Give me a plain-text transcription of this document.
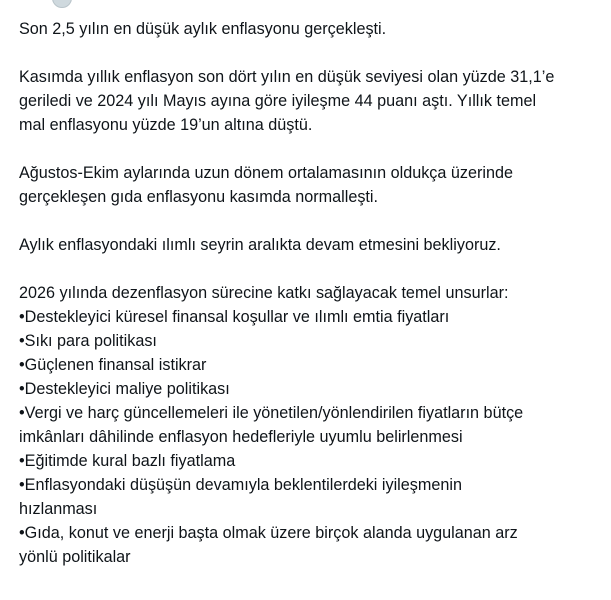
Son 2,5 yılın en düşük aylık enflasyonu gerçekleşti.

Kasımda yıllık enflasyon son dört yılın en düşük seviyesi olan yüzde 31,1’e
geriledi ve 2024 yılı Mayıs ayına göre iyileşme 44 puanı aştı. Yıllık temel
mal enflasyonu yüzde 19’un altına düştü.

Ağustos-Ekim aylarında uzun dönem ortalamasının oldukça üzerinde
gerçekleşen gıda enflasyonu kasımda normalleşti.

Aylık enflasyondaki ılımlı seyrin aralıkta devam etmesini bekliyoruz.

2026 yılında dezenflasyon sürecine katkı sağlayacak temel unsurlar:
•Destekleyici küresel finansal koşullar ve ılımlı emtia fiyatları
•Sıkı para politikası
•Güçlenen finansal istikrar
•Destekleyici maliye politikası
•Vergi ve harç güncellemeleri ile yönetilen/yönlendirilen fiyatların bütçe
imkânları dâhilinde enflasyon hedefleriyle uyumlu belirlenmesi
•Eğitimde kural bazlı fiyatlama
•Enflasyondaki düşüşün devamıyla beklentilerdeki iyileşmenin
hızlanması
•Gıda, konut ve enerji başta olmak üzere birçok alanda uygulanan arz
yönlü politikalar
